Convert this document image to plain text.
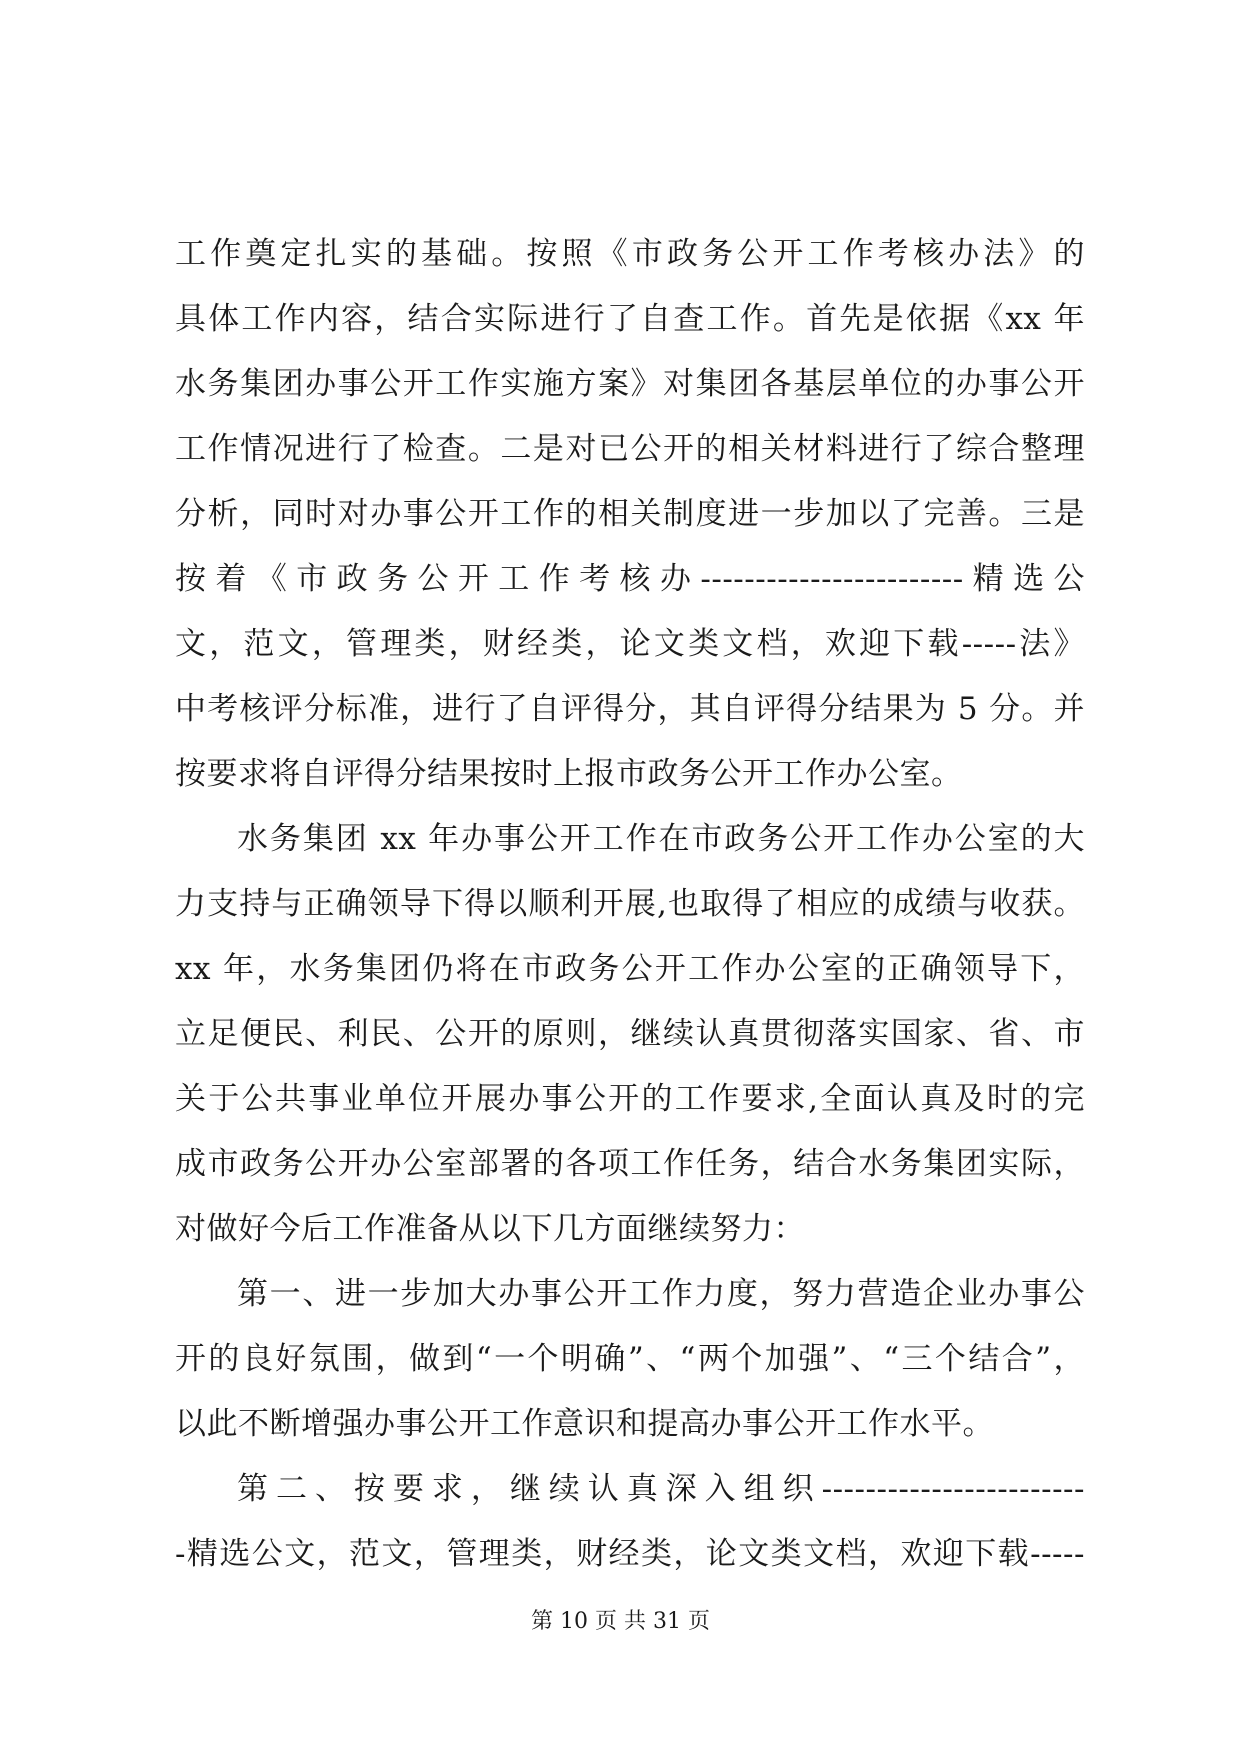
工作奠定扎实的基础。按照《市政务公开工作考核办法》的
具体工作内容，结合实际进行了自查工作。首先是依据《xx 年
水务集团办事公开工作实施方案》对集团各基层单位的办事公开
工作情况进行了检查。二是对已公开的相关材料进行了综合整理
分析，同时对办事公开工作的相关制度进一步加以了完善。三是
按着《市政务公开工作考核办------------------------精选公
文，范文，管理类，财经类，论文类文档，欢迎下载-----法》
中考核评分标准，进行了自评得分，其自评得分结果为 5 分。并
按要求将自评得分结果按时上报市政务公开工作办公室。
水务集团 xx 年办事公开工作在市政务公开工作办公室的大
力支持与正确领导下得以顺利开展,也取得了相应的成绩与收获。
xx 年，水务集团仍将在市政务公开工作办公室的正确领导下，
立足便民、利民、公开的原则，继续认真贯彻落实国家、省、市
关于公共事业单位开展办事公开的工作要求,全面认真及时的完
成市政务公开办公室部署的各项工作任务，结合水务集团实际，
对做好今后工作准备从以下几方面继续努力：
第一、进一步加大办事公开工作力度，努力营造企业办事公
开的良好氛围，做到“一个明确”、“两个加强”、“三个结合”，
以此不断增强办事公开工作意识和提高办事公开工作水平。
第二、按要求，继续认真深入组织------------------------
-精选公文，范文，管理类，财经类，论文类文档，欢迎下载-----
第 10 页 共 31 页
